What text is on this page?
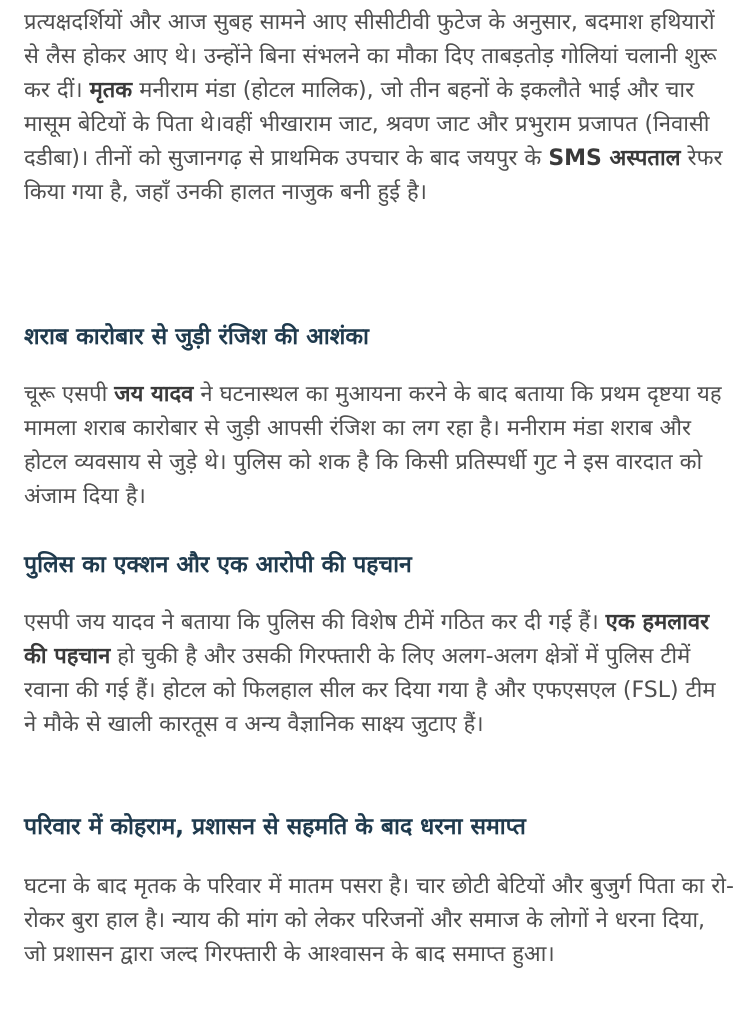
प्रत्यक्षदर्शियों और आज सुबह सामने आए सीसीटीवी फुटेज के अनुसार, बदमाश हथियारों से लैस होकर आए थे। उन्होंने बिना संभलने का मौका दिए ताबड़तोड़ गोलियां चलानी शुरू कर दीं। मृतक मनीराम मंडा (होटल मालिक), जो तीन बहनों के इकलौते भाई और चार मासूम बेटियों के पिता थे।वहीं भीखाराम जाट, श्रवण जाट और प्रभुराम प्रजापत (निवासी दडीबा)। तीनों को सुजानगढ़ से प्राथमिक उपचार के बाद जयपुर के SMS अस्पताल रेफर किया गया है, जहाँ उनकी हालत नाजुक बनी हुई है।

शराब कारोबार से जुड़ी रंजिश की आशंका

चूरू एसपी जय यादव ने घटनास्थल का मुआयना करने के बाद बताया कि प्रथम दृष्टया यह मामला शराब कारोबार से जुड़ी आपसी रंजिश का लग रहा है। मनीराम मंडा शराब और होटल व्यवसाय से जुड़े थे। पुलिस को शक है कि किसी प्रतिस्पर्धी गुट ने इस वारदात को अंजाम दिया है।

पुलिस का एक्शन और एक आरोपी की पहचान

एसपी जय यादव ने बताया कि पुलिस की विशेष टीमें गठित कर दी गई हैं। एक हमलावर की पहचान हो चुकी है और उसकी गिरफ्तारी के लिए अलग-अलग क्षेत्रों में पुलिस टीमें रवाना की गई हैं। होटल को फिलहाल सील कर दिया गया है और एफएसएल (FSL) टीम ने मौके से खाली कारतूस व अन्य वैज्ञानिक साक्ष्य जुटाए हैं।

परिवार में कोहराम, प्रशासन से सहमति के बाद धरना समाप्त

घटना के बाद मृतक के परिवार में मातम पसरा है। चार छोटी बेटियों और बुजुर्ग पिता का रो-रोकर बुरा हाल है। न्याय की मांग को लेकर परिजनों और समाज के लोगों ने धरना दिया, जो प्रशासन द्वारा जल्द गिरफ्तारी के आश्वासन के बाद समाप्त हुआ।
